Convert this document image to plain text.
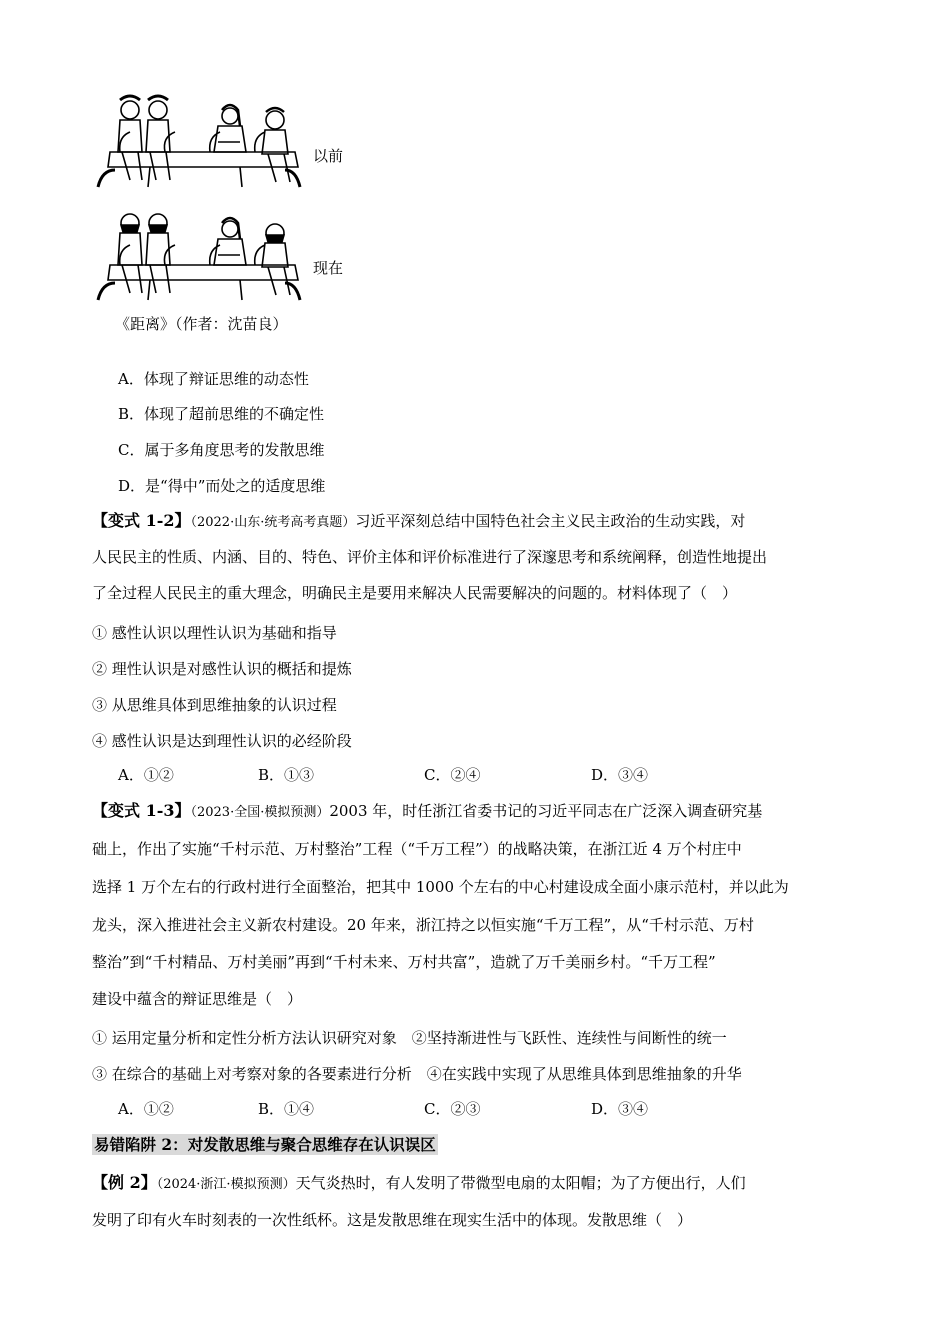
以前
现在
《距离》（作者：沈苗良）
A．体现了辩证思维的动态性
B．体现了超前思维的不确定性
C．属于多角度思考的发散思维
D．是“得中”而处之的适度思维
【变式 1-2】（2022·山东·统考高考真题）习近平深刻总结中国特色社会主义民主政治的生动实践，对
人民民主的性质、内涵、目的、特色、评价主体和评价标准进行了深邃思考和系统阐释，创造性地提出
了全过程人民民主的重大理念，明确民主是要用来解决人民需要解决的问题的。材料体现了（　）
① 感性认识以理性认识为基础和指导
② 理性认识是对感性认识的概括和提炼
③ 从思维具体到思维抽象的认识过程
④ 感性认识是达到理性认识的必经阶段
A．①②	B．①③	C．②④	D．③④
【变式 1-3】（2023·全国·模拟预测）2003 年，时任浙江省委书记的习近平同志在广泛深入调查研究基
础上，作出了实施“千村示范、万村整治”工程（“千万工程”）的战略决策，在浙江近 4 万个村庄中
选择 1 万个左右的行政村进行全面整治，把其中 1000 个左右的中心村建设成全面小康示范村，并以此为
龙头，深入推进社会主义新农村建设。20 年来，浙江持之以恒实施“千万工程”，从“千村示范、万村
整治”到“千村精品、万村美丽”再到“千村未来、万村共富”，造就了万千美丽乡村。“千万工程”
建设中蕴含的辩证思维是（　）
① 运用定量分析和定性分析方法认识研究对象　②坚持渐进性与飞跃性、连续性与间断性的统一
③ 在综合的基础上对考察对象的各要素进行分析　④在实践中实现了从思维具体到思维抽象的升华
A．①②	B．①④	C．②③	D．③④
易错陷阱 2：对发散思维与聚合思维存在认识误区
【例 2】（2024·浙江·模拟预测）天气炎热时，有人发明了带微型电扇的太阳帽；为了方便出行，人们
发明了印有火车时刻表的一次性纸杯。这是发散思维在现实生活中的体现。发散思维（　）
